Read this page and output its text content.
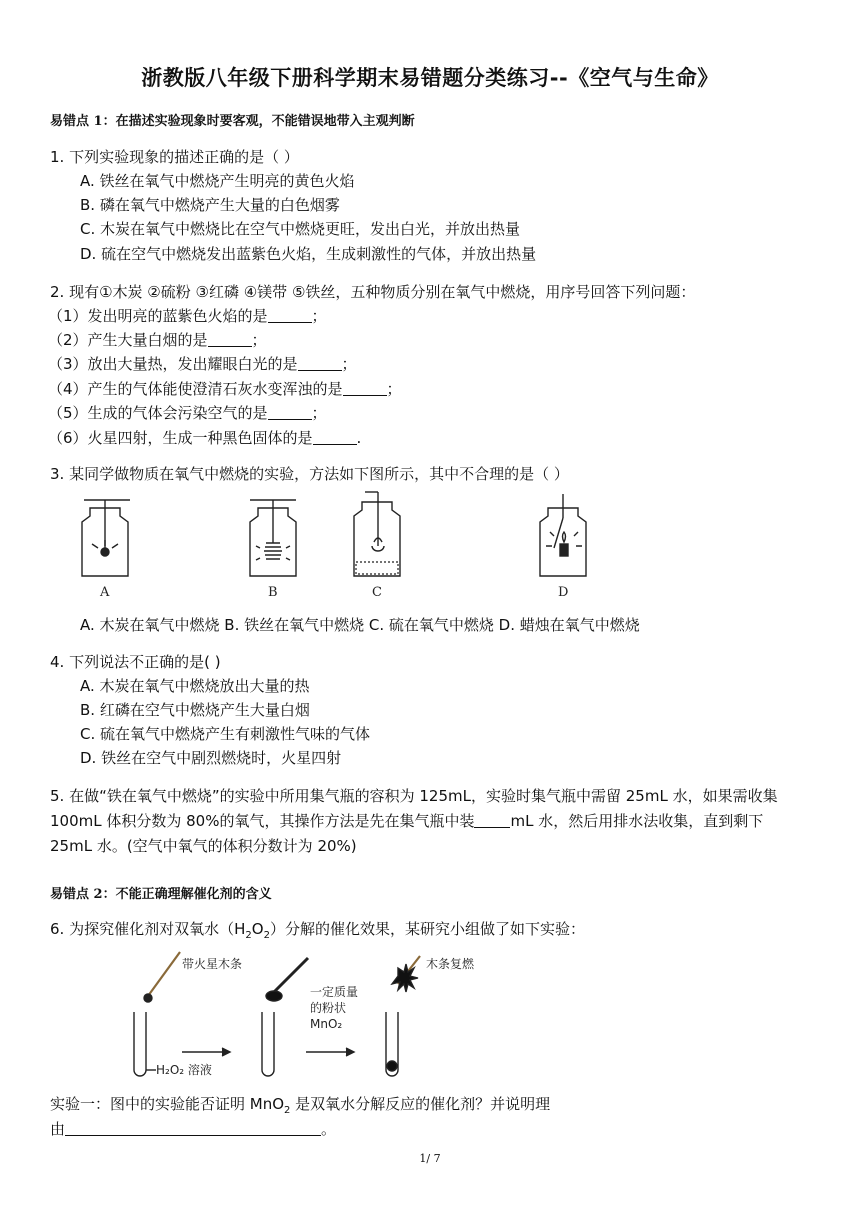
浙教版八年级下册科学期末易错题分类练习--《空气与生命》
易错点 1：在描述实验现象时要客观，不能错误地带入主观判断
1. 下列实验现象的描述正确的是（ ）
A. 铁丝在氧气中燃烧产生明亮的黄色火焰
B. 磷在氧气中燃烧产生大量的白色烟雾
C. 木炭在氧气中燃烧比在空气中燃烧更旺，发出白光，并放出热量
D. 硫在空气中燃烧发出蓝紫色火焰，生成刺激性的气体，并放出热量
2. 现有①木炭 ②硫粉 ③红磷 ④镁带 ⑤铁丝，五种物质分别在氧气中燃烧，用序号回答下列问题：
（1）发出明亮的蓝紫色火焰的是	；
（2）产生大量白烟的是	；
（3）放出大量热，发出耀眼白光的是	；
（4）产生的气体能使澄清石灰水变浑浊的是	；
（5）生成的气体会污染空气的是	；
（6）火星四射，生成一种黑色固体的是	.
3. 某同学做物质在氧气中燃烧的实验，方法如下图所示，其中不合理的是（ ）
A	B	C	D
A. 木炭在氧气中燃烧 B. 铁丝在氧气中燃烧 C. 硫在氧气中燃烧 D. 蜡烛在氧气中燃烧
4. 下列说法不正确的是( )
A. 木炭在氧气中燃烧放出大量的热
B. 红磷在空气中燃烧产生大量白烟
C. 硫在氧气中燃烧产生有刺激性气味的气体
D. 铁丝在空气中剧烈燃烧时，火星四射
5. 在做“铁在氧气中燃烧”的实验中所用集气瓶的容积为 125mL，实验时集气瓶中需留 25mL 水，如果需收集
100mL 体积分数为 80%的氧气，其操作方法是先在集气瓶中装 mL 水，然后用排水法收集，直到剩下
25mL 水。(空气中氧气的体积分数计为 20%)
易错点 2：不能正确理解催化剂的含义
6. 为探究催化剂对双氧水$(H_2O_2)$分解的催化效果，某研究小组做了如下实验：
带火星木条
一定质量
的粉状
MnO₂
木条复燃
H₂O₂ 溶液
实验一：图中的实验能否证明 MnO$_2$ 是双氧水分解反应的催化剂？并说明理
由	。
1/ 7
